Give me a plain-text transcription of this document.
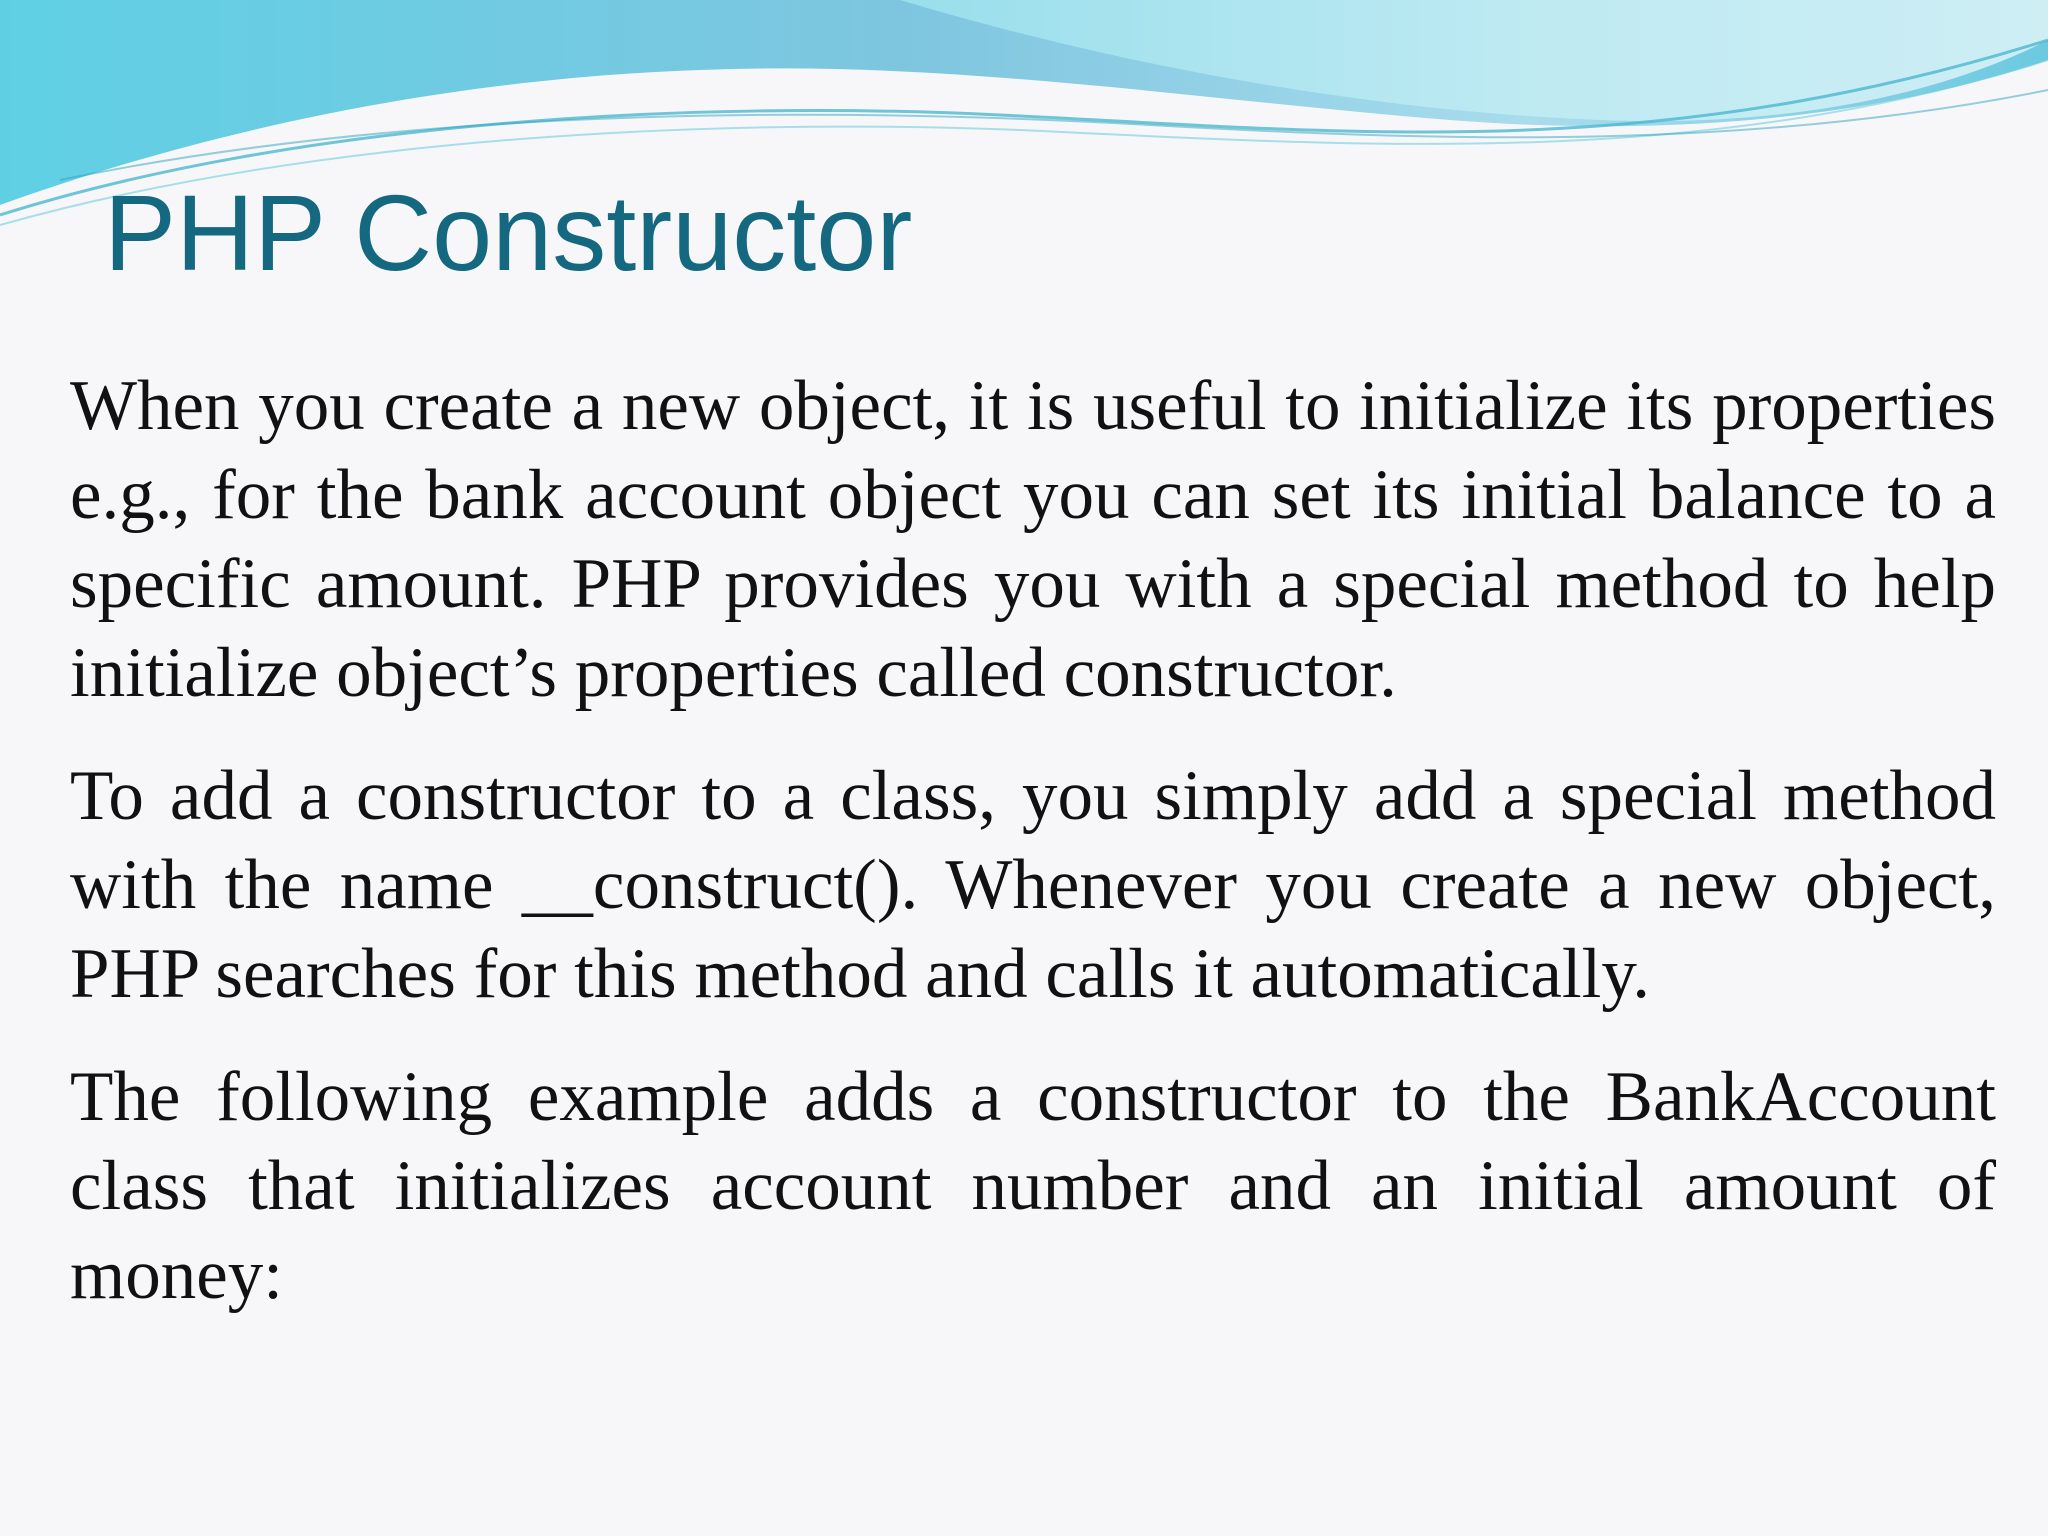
PHP Constructor

When you create a new object, it is useful to initialize its properties e.g., for the bank account object you can set its initial balance to a specific amount. PHP provides you with a special method to help initialize object’s properties called constructor.

To add a constructor to a class, you simply add a special method with the name __construct(). Whenever you create a new object, PHP searches for this method and calls it automatically.

The following example adds a constructor to the BankAccount class that initializes account number and an initial amount of money:
